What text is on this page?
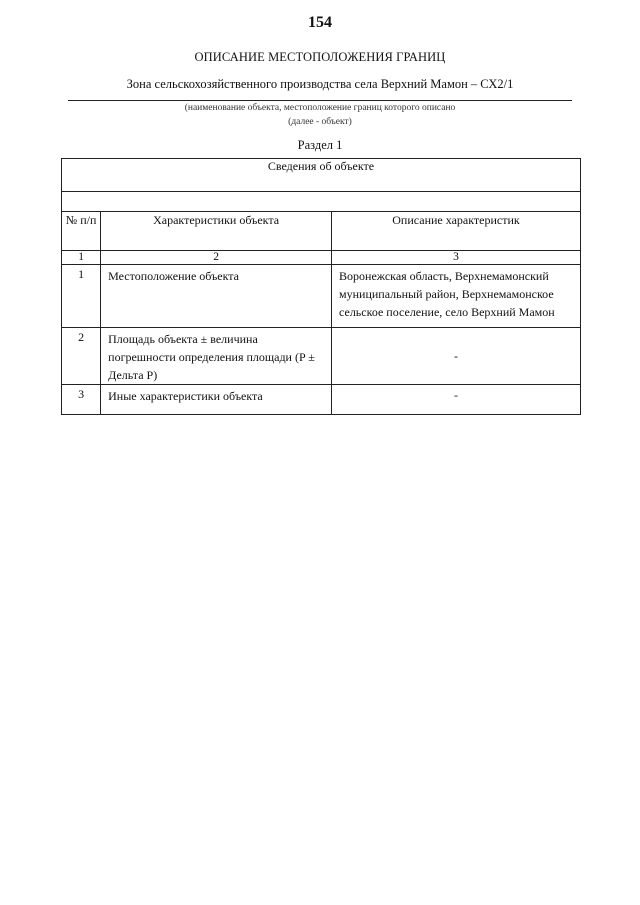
154
ОПИСАНИЕ МЕСТОПОЛОЖЕНИЯ ГРАНИЦ
Зона сельскохозяйственного производства села Верхний Мамон – СХ2/1
(наименование объекта, местоположение границ которого описано
(далее - объект)
Раздел 1
Сведения об объекте		

№ п/п	Характеристики объекта	Описание характеристик
1	2	3
1	Местоположение объекта	Воронежская область, Верхнемамонский муниципальный район, Верхнемамонское сельское поселение, село Верхний Мамон
2	Площадь объекта ± величина погрешности определения площади (P ± Дельта P)	-
3	Иные характеристики объекта	-
